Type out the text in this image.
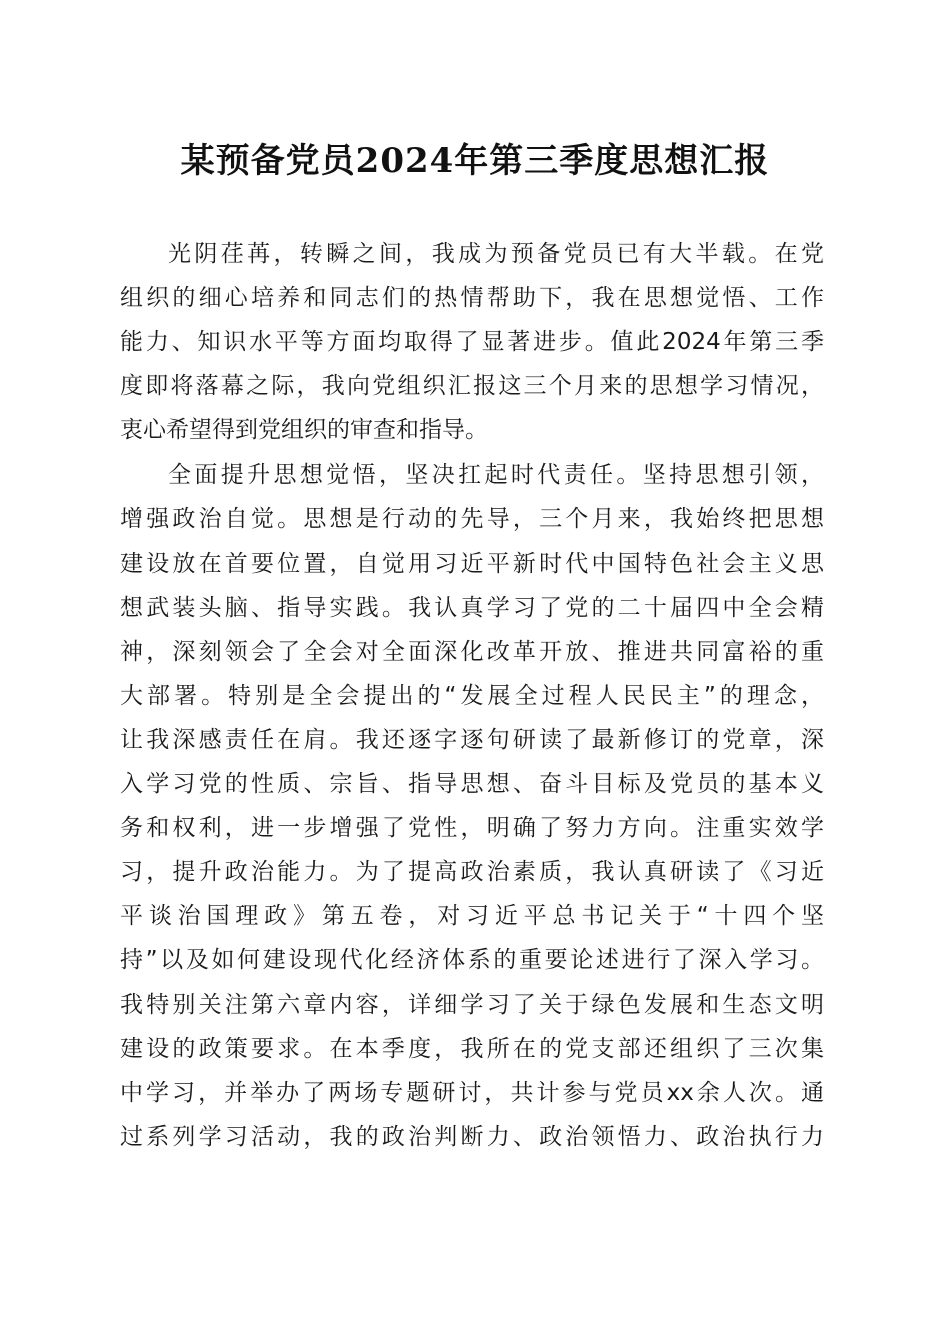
某预备党员2024年第三季度思想汇报
光阴荏苒，转瞬之间，我成为预备党员已有大半载。在党
组织的细心培养和同志们的热情帮助下，我在思想觉悟、工作
能力、知识水平等方面均取得了显著进步。值此2024年第三季
度即将落幕之际，我向党组织汇报这三个月来的思想学习情况，
衷心希望得到党组织的审查和指导。
全面提升思想觉悟，坚决扛起时代责任。坚持思想引领，
增强政治自觉。思想是行动的先导，三个月来，我始终把思想
建设放在首要位置，自觉用习近平新时代中国特色社会主义思
想武装头脑、指导实践。我认真学习了党的二十届四中全会精
神，深刻领会了全会对全面深化改革开放、推进共同富裕的重
大部署。特别是全会提出的“发展全过程人民民主”的理念，
让我深感责任在肩。我还逐字逐句研读了最新修订的党章，深
入学习党的性质、宗旨、指导思想、奋斗目标及党员的基本义
务和权利，进一步增强了党性，明确了努力方向。注重实效学
习，提升政治能力。为了提高政治素质，我认真研读了《习近
平谈治国理政》第五卷，对习近平总书记关于“十四个坚
持”以及如何建设现代化经济体系的重要论述进行了深入学习。
我特别关注第六章内容，详细学习了关于绿色发展和生态文明
建设的政策要求。在本季度，我所在的党支部还组织了三次集
中学习，并举办了两场专题研讨，共计参与党员xx余人次。通
过系列学习活动，我的政治判断力、政治领悟力、政治执行力
